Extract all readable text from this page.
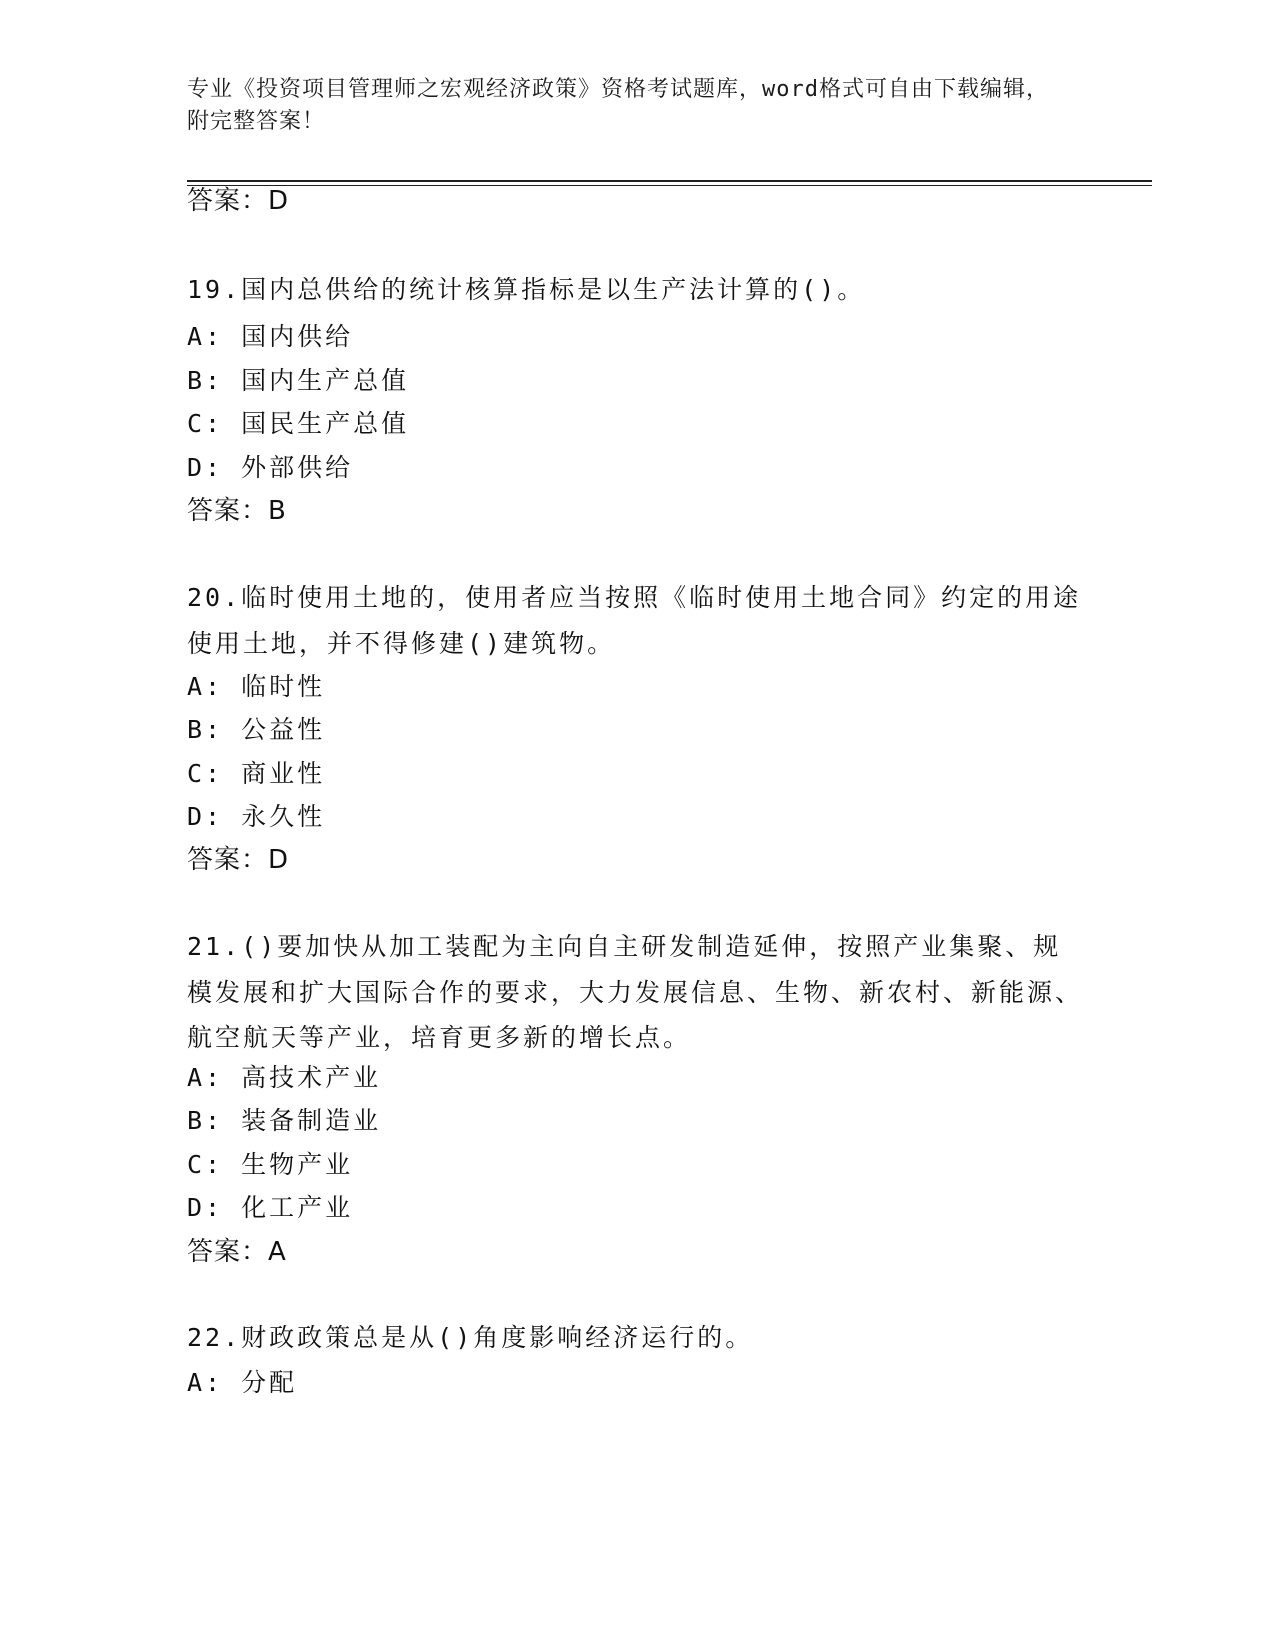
专业《投资项目管理师之宏观经济政策》资格考试题库，word格式可自由下载编辑，附完整答案！
答案：D
19.国内总供给的统计核算指标是以生产法计算的()。
A: 国内供给
B: 国内生产总值
C: 国民生产总值
D: 外部供给
答案：B
20.临时使用土地的，使用者应当按照《临时使用土地合同》约定的用途使用土地，并不得修建()建筑物。
A: 临时性
B: 公益性
C: 商业性
D: 永久性
答案：D
21.()要加快从加工装配为主向自主研发制造延伸，按照产业集聚、规模发展和扩大国际合作的要求，大力发展信息、生物、新农村、新能源、航空航天等产业，培育更多新的增长点。
A: 高技术产业
B: 装备制造业
C: 生物产业
D: 化工产业
答案：A
22.财政政策总是从()角度影响经济运行的。
A: 分配
